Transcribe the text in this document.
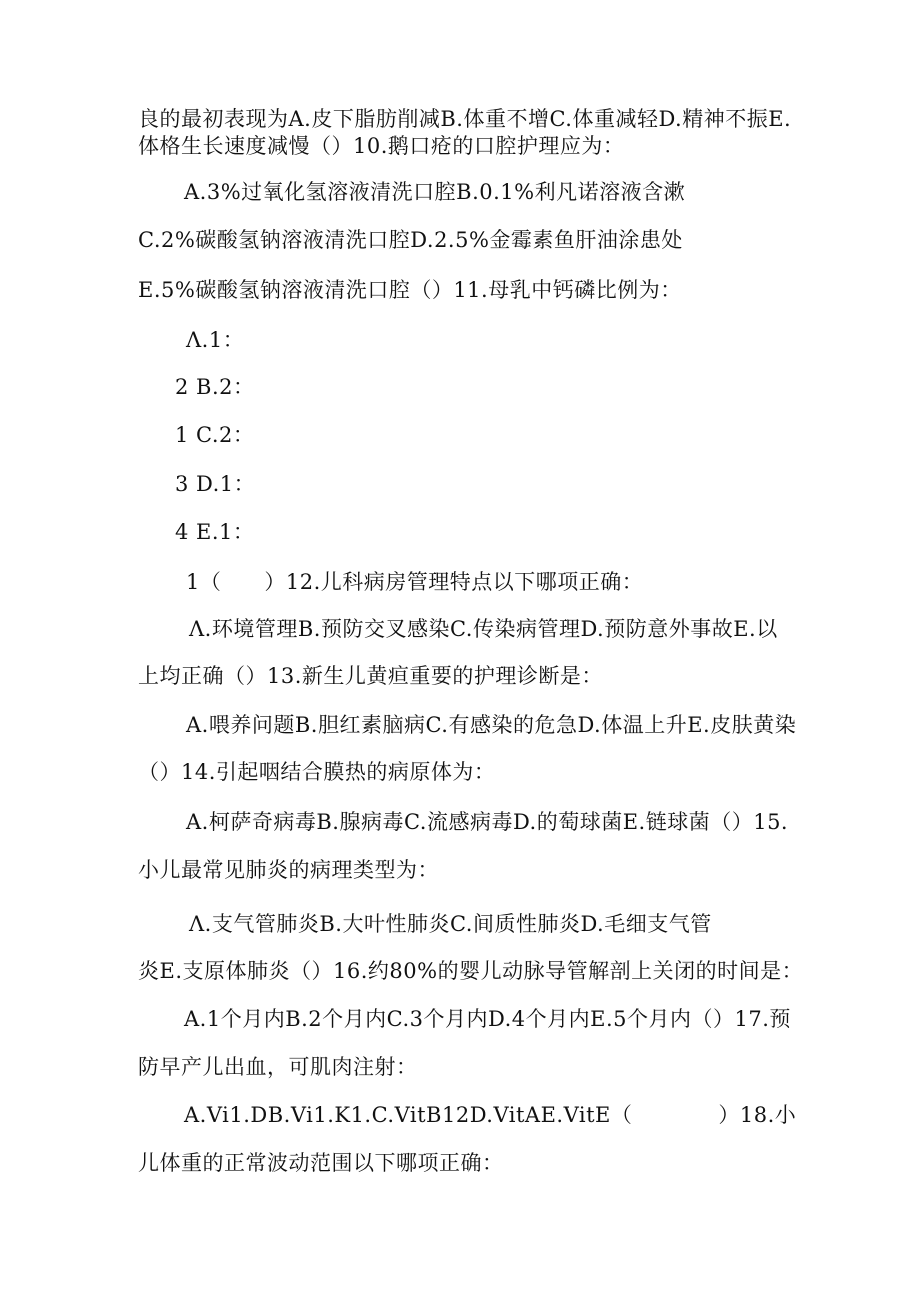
良的最初表现为A.皮下脂肪削减B.体重不增C.体重减轻D.精神不振E.
体格生长速度减慢（）10.鹅口疮的口腔护理应为：
A.3%过氧化氢溶液清洗口腔B.0.1%利凡诺溶液含漱
C.2%碳酸氢钠溶液清洗口腔D.2.5%金霉素鱼肝油涂患处
E.5%碳酸氢钠溶液清洗口腔（）11.母乳中钙磷比例为：
Λ.1：
2 B.2：
1 C.2：
3 D.1：
4 E.1：
1（　　）12.儿科病房管理特点以下哪项正确：
Λ.环境管理B.预防交叉感染C.传染病管理D.预防意外事故E.以
上均正确（）13.新生儿黄疸重要的护理诊断是：
A.喂养问题B.胆红素脑病C.有感染的危急D.体温上升E.皮肤黄染
（）14.引起咽结合膜热的病原体为：
A.柯萨奇病毒B.腺病毒C.流感病毒D.的萄球菌E.链球菌（）15.
小儿最常见肺炎的病理类型为：
Λ.支气管肺炎B.大叶性肺炎C.间质性肺炎D.毛细支气管
炎E.支原体肺炎（）16.约80%的婴儿动脉导管解剖上关闭的时间是：
A.1个月内B.2个月内C.3个月内D.4个月内E.5个月内（）17.预
防早产儿出血，可肌肉注射：
A.Vi1.DB.Vi1.K1.C.VitB12D.VitAE.VitE（　　　　）18.小
儿体重的正常波动范围以下哪项正确：
